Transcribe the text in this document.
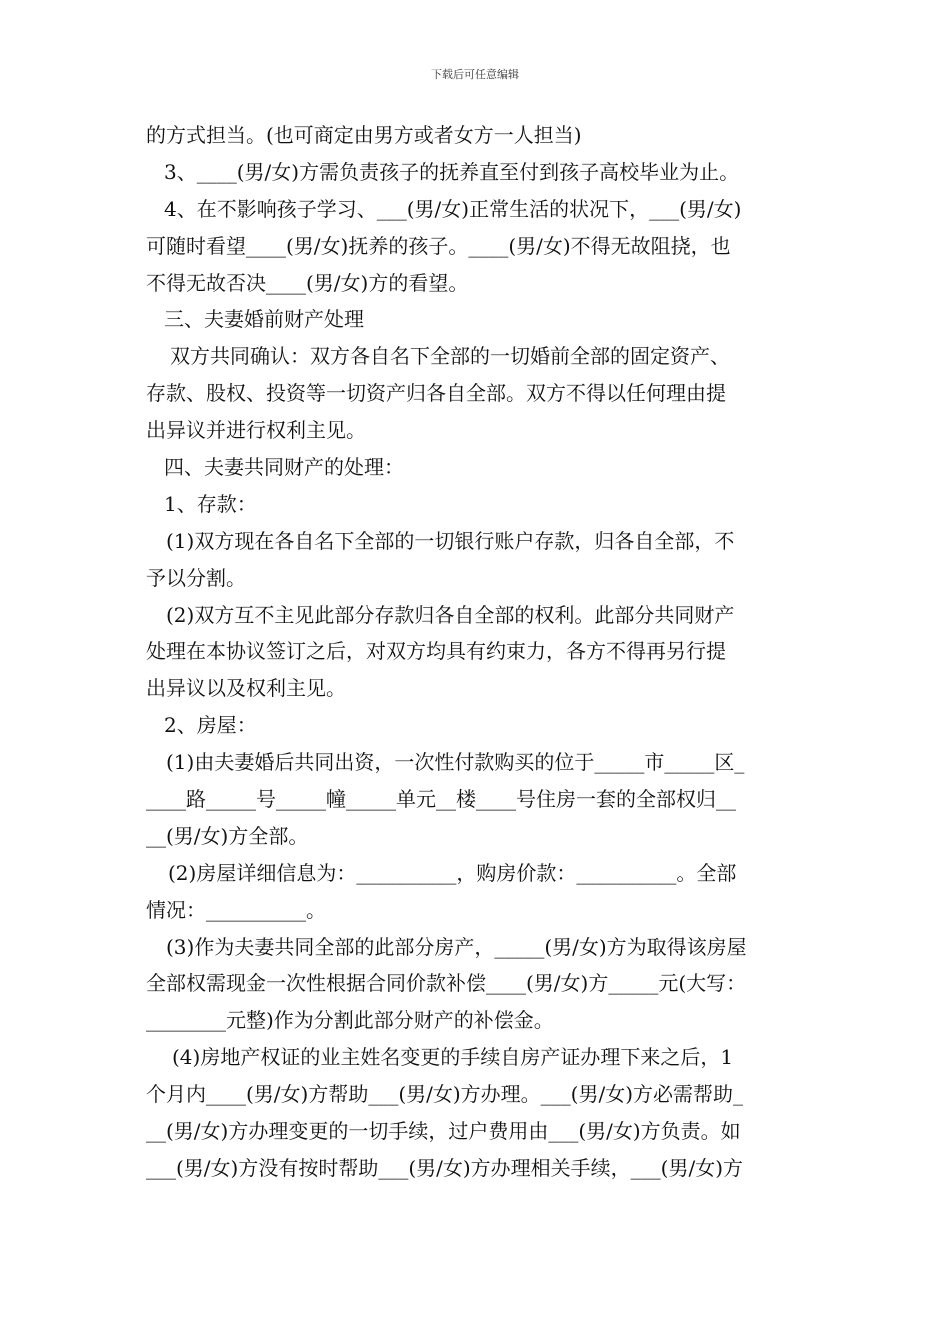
下载后可任意编辑
的方式担当。(也可商定由男方或者女方一人担当)
3、____(男/女)方需负责孩子的抚养直至付到孩子高校毕业为止。
4、在不影响孩子学习、___(男/女)正常生活的状况下，___(男/女)
可随时看望____(男/女)抚养的孩子。____(男/女)不得无故阻挠，也
不得无故否决____(男/女)方的看望。
三、夫妻婚前财产处理
双方共同确认：双方各自名下全部的一切婚前全部的固定资产、
存款、股权、投资等一切资产归各自全部。双方不得以任何理由提
出异议并进行权利主见。
四、夫妻共同财产的处理：
1、存款：
(1)双方现在各自名下全部的一切银行账户存款，归各自全部，不
予以分割。
(2)双方互不主见此部分存款归各自全部的权利。此部分共同财产
处理在本协议签订之后，对双方均具有约束力，各方不得再另行提
出异议以及权利主见。
2、房屋：
(1)由夫妻婚后共同出资，一次性付款购买的位于_____市_____区_
____路_____号_____幢_____单元__楼____号住房一套的全部权归__
__(男/女)方全部。
(2)房屋详细信息为：__________，购房价款：__________。全部
情况：__________。
(3)作为夫妻共同全部的此部分房产，_____(男/女)方为取得该房屋
全部权需现金一次性根据合同价款补偿____(男/女)方_____元(大写：
________元整)作为分割此部分财产的补偿金。
(4)房地产权证的业主姓名变更的手续自房产证办理下来之后，1
个月内____(男/女)方帮助___(男/女)方办理。___(男/女)方必需帮助_
__(男/女)方办理变更的一切手续，过户费用由___(男/女)方负责。如
___(男/女)方没有按时帮助___(男/女)方办理相关手续，___(男/女)方
